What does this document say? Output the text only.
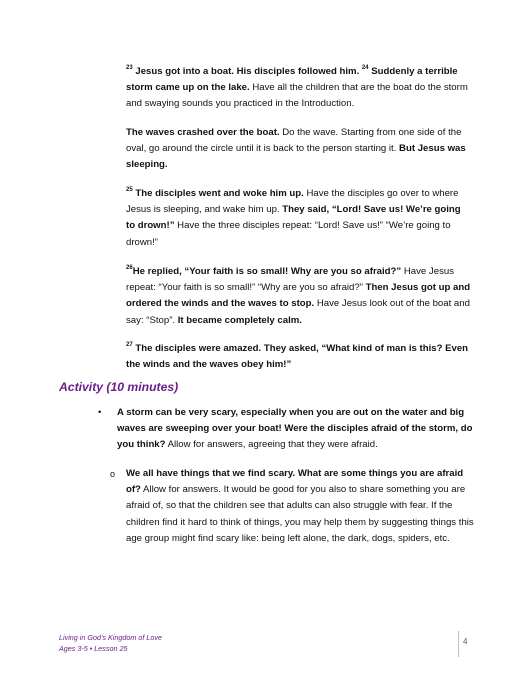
$^{23}$ Jesus got into a boat. His disciples followed him. $^{24}$ Suddenly a terrible storm came up on the lake. Have all the children that are the boat do the storm and swaying sounds you practiced in the Introduction.

The waves crashed over the boat. Do the wave. Starting from one side of the oval, go around the circle until it is back to the person starting it. But Jesus was sleeping.

$^{25}$ The disciples went and woke him up. Have the disciples go over to where Jesus is sleeping, and wake him up. They said, “Lord! Save us! We’re going to drown!” Have the three disciples repeat: “Lord! Save us!” “We’re going to drown!”

$^{26}$He replied, “Your faith is so small! Why are you so afraid?” Have Jesus repeat: “Your faith is so small!” “Why are you so afraid?” Then Jesus got up and ordered the winds and the waves to stop. Have Jesus look out of the boat and say: “Stop”. It became completely calm.

$^{27}$ The disciples were amazed. They asked, “What kind of man is this? Even the winds and the waves obey him!”

Activity (10 minutes)
• A storm can be very scary, especially when you are out on the water and big waves are sweeping over your boat! Were the disciples afraid of the storm, do you think? Allow for answers, agreeing that they were afraid.

o We all have things that we find scary. What are some things you are afraid of? Allow for answers. It would be good for you also to share something you are afraid of, so that the children see that adults can also struggle with fear. If the children find it hard to think of things, you may help them by suggesting things this age group might find scary like: being left alone, the dark, dogs, spiders, etc.

Living in God’s Kingdom of Love
Ages 3-5 • Lesson 25
4
